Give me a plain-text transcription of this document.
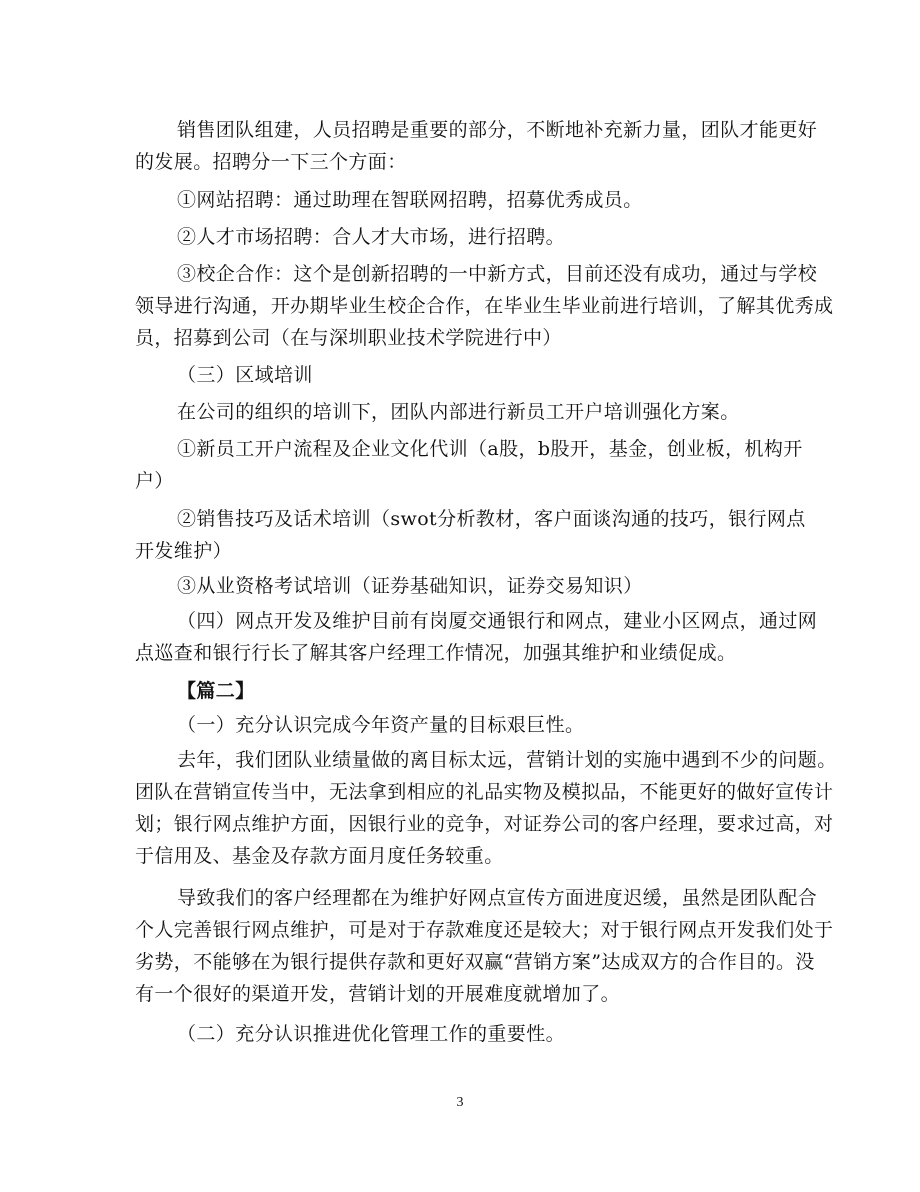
销售团队组建，人员招聘是重要的部分，不断地补充新力量，团队才能更好
的发展。招聘分一下三个方面：
①网站招聘：通过助理在智联网招聘，招募优秀成员。
②人才市场招聘：合人才大市场，进行招聘。
③校企合作：这个是创新招聘的一中新方式，目前还没有成功，通过与学校
领导进行沟通，开办期毕业生校企合作，在毕业生毕业前进行培训，了解其优秀成
员，招募到公司（在与深圳职业技术学院进行中）
（三）区域培训
在公司的组织的培训下，团队内部进行新员工开户培训强化方案。
①新员工开户流程及企业文化代训（a股，b股开，基金，创业板，机构开
户）
②销售技巧及话术培训（swot分析教材，客户面谈沟通的技巧，银行网点
开发维护）
③从业资格考试培训（证券基础知识，证券交易知识）
（四）网点开发及维护目前有岗厦交通银行和网点，建业小区网点，通过网
点巡查和银行行长了解其客户经理工作情况，加强其维护和业绩促成。
【篇二】
（一）充分认识完成今年资产量的目标艰巨性。
去年，我们团队业绩量做的离目标太远，营销计划的实施中遇到不少的问题。
团队在营销宣传当中，无法拿到相应的礼品实物及模拟品，不能更好的做好宣传计
划；银行网点维护方面，因银行业的竞争，对证券公司的客户经理，要求过高，对
于信用及、基金及存款方面月度任务较重。
导致我们的客户经理都在为维护好网点宣传方面进度迟缓，虽然是团队配合
个人完善银行网点维护，可是对于存款难度还是较大；对于银行网点开发我们处于
劣势，不能够在为银行提供存款和更好双赢“营销方案”达成双方的合作目的。没
有一个很好的渠道开发，营销计划的开展难度就增加了。
（二）充分认识推进优化管理工作的重要性。
3
